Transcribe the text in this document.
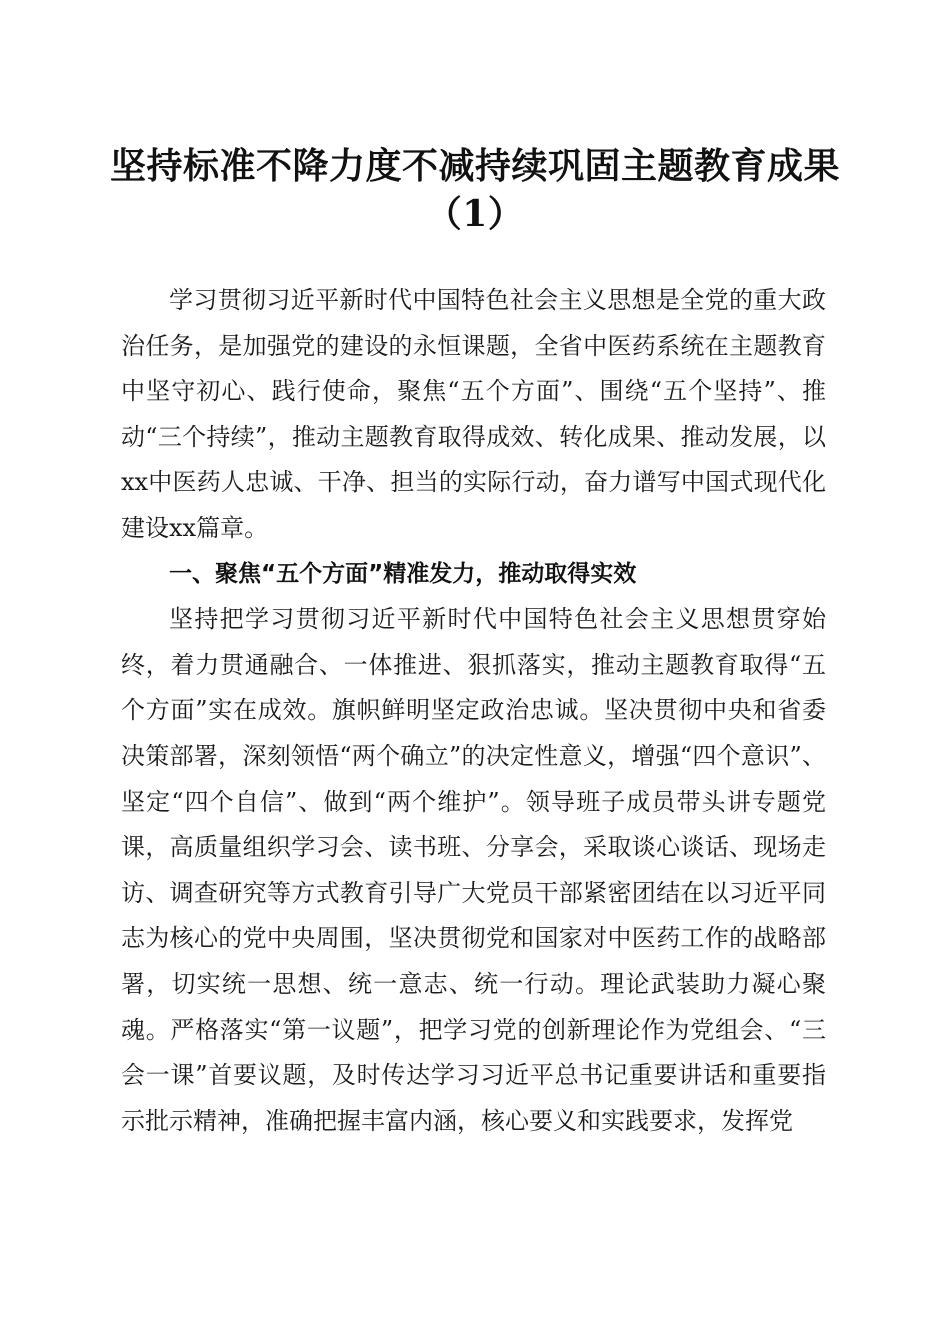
坚持标准不降力度不减持续巩固主题教育成果
（1）

学习贯彻习近平新时代中国特色社会主义思想是全党的重大政治任务，是加强党的建设的永恒课题，全省中医药系统在主题教育中坚守初心、践行使命，聚焦“五个方面”、围绕“五个坚持”、推动“三个持续”，推动主题教育取得成效、转化成果、推动发展，以xx中医药人忠诚、干净、担当的实际行动，奋力谱写中国式现代化建设xx篇章。

一、聚焦“五个方面”精准发力，推动取得实效

坚持把学习贯彻习近平新时代中国特色社会主义思想贯穿始终，着力贯通融合、一体推进、狠抓落实，推动主题教育取得“五个方面”实在成效。旗帜鲜明坚定政治忠诚。坚决贯彻中央和省委决策部署，深刻领悟“两个确立”的决定性意义，增强“四个意识”、坚定“四个自信”、做到“两个维护”。领导班子成员带头讲专题党课，高质量组织学习会、读书班、分享会，采取谈心谈话、现场走访、调查研究等方式教育引导广大党员干部紧密团结在以习近平同志为核心的党中央周围，坚决贯彻党和国家对中医药工作的战略部署，切实统一思想、统一意志、统一行动。理论武装助力凝心聚魂。严格落实“第一议题”，把学习党的创新理论作为党组会、“三会一课”首要议题，及时传达学习习近平总书记重要讲话和重要指示批示精神，准确把握丰富内涵，核心要义和实践要求，发挥党
